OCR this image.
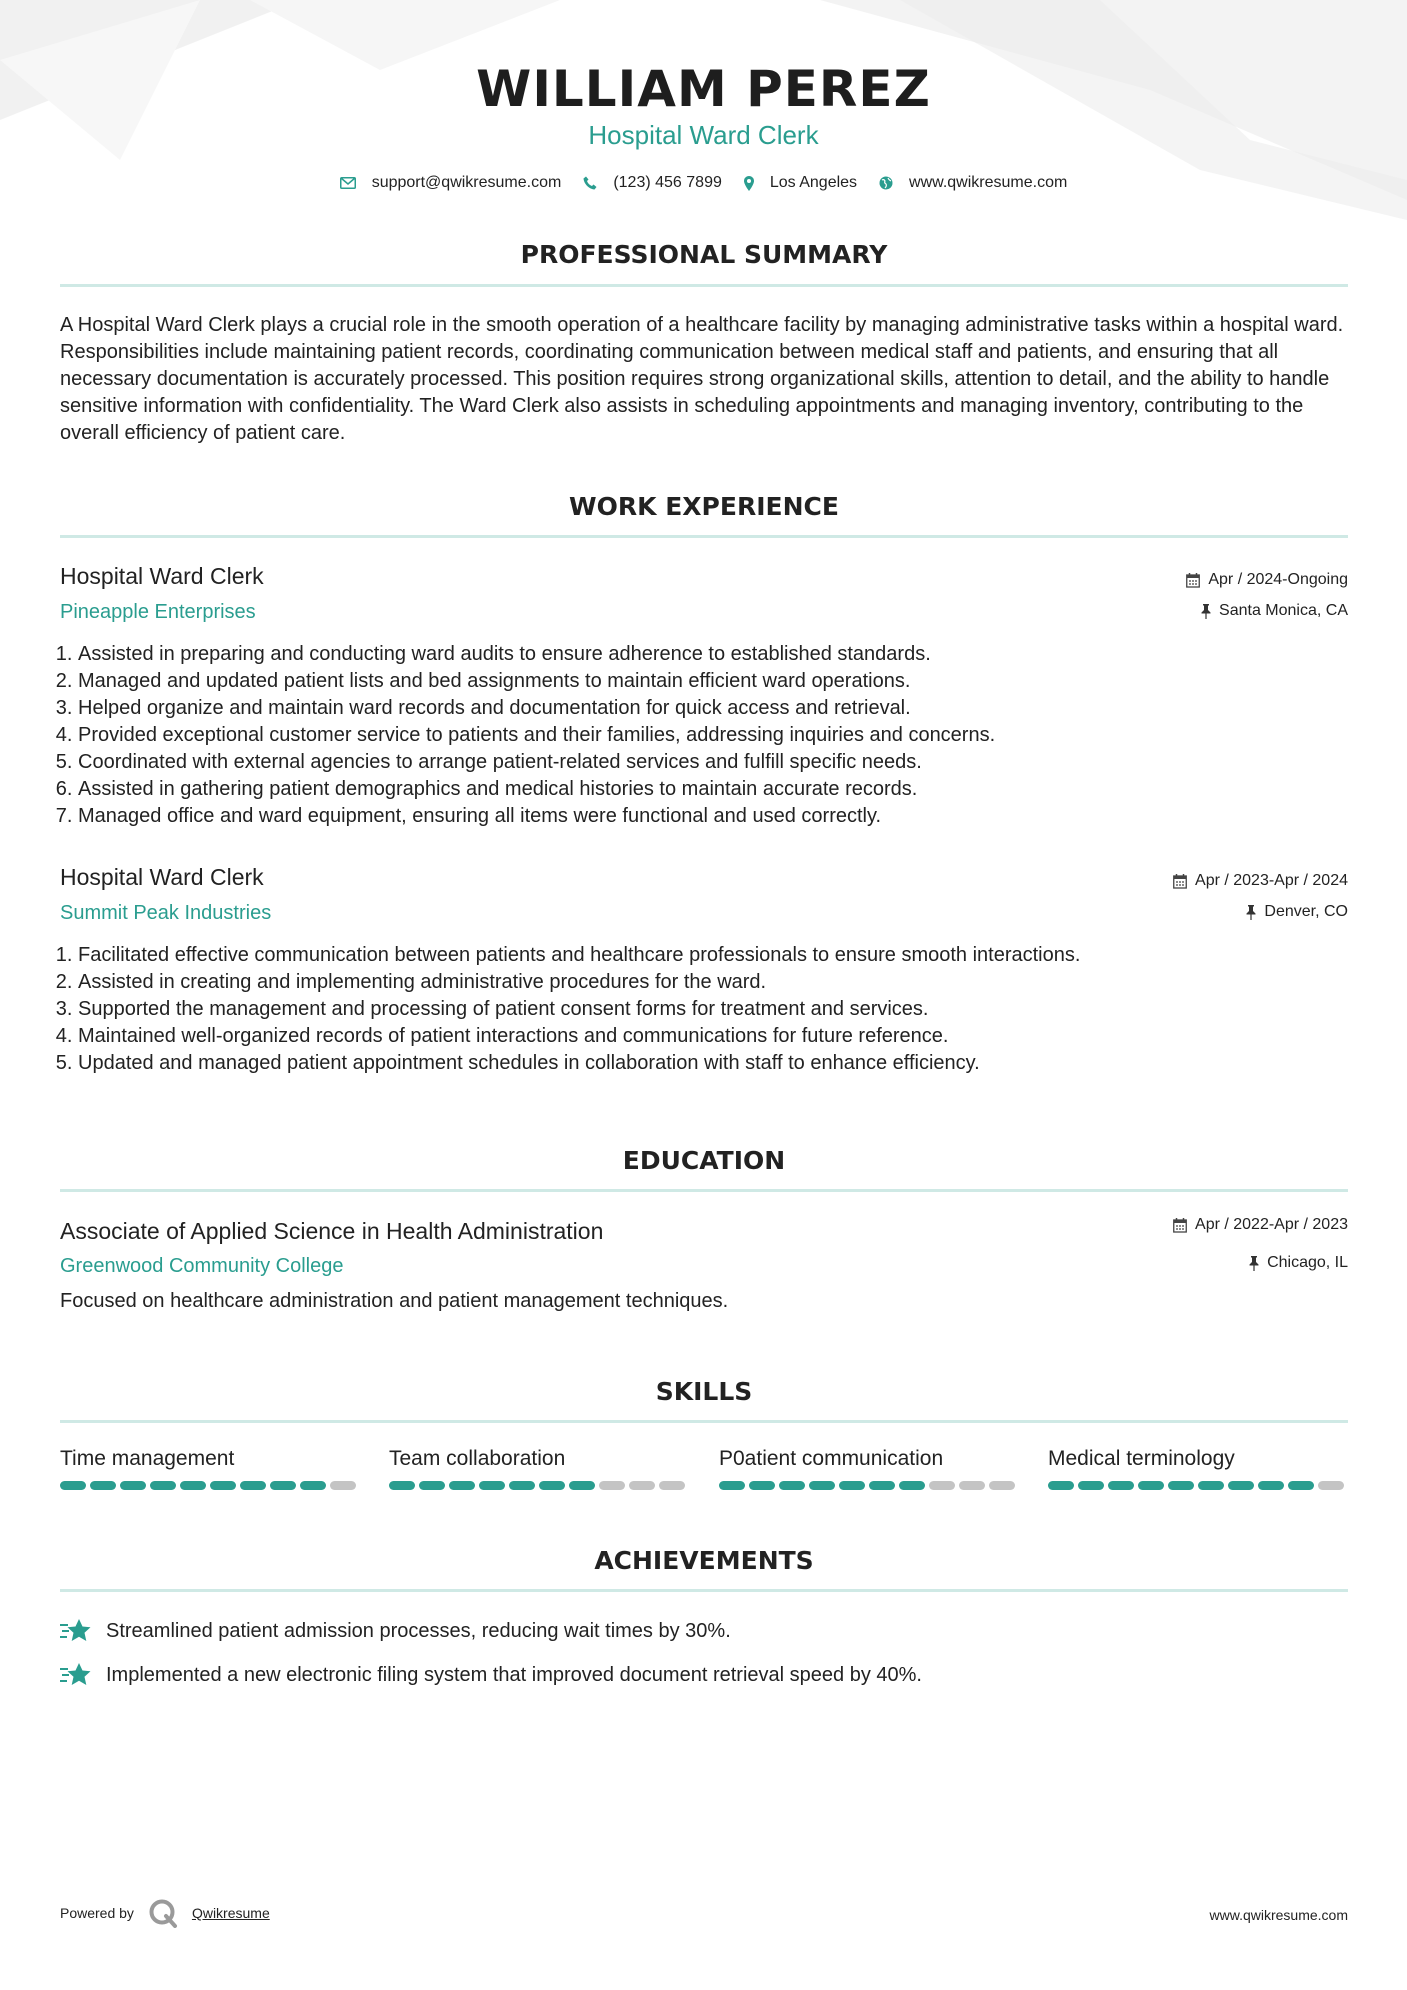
WILLIAM PEREZ
Hospital Ward Clerk
support@qwikresume.com	(123) 456 7899	Los Angeles	www.qwikresume.com
PROFESSIONAL SUMMARY
A Hospital Ward Clerk plays a crucial role in the smooth operation of a healthcare facility by managing administrative tasks within a hospital ward. Responsibilities include maintaining patient records, coordinating communication between medical staff and patients, and ensuring that all necessary documentation is accurately processed. This position requires strong organizational skills, attention to detail, and the ability to handle sensitive information with confidentiality. The Ward Clerk also assists in scheduling appointments and managing inventory, contributing to the overall efficiency of patient care.
WORK EXPERIENCE
Hospital Ward Clerk
Pineapple Enterprises
Apr / 2024-Ongoing
Santa Monica, CA
1. Assisted in preparing and conducting ward audits to ensure adherence to established standards.
2. Managed and updated patient lists and bed assignments to maintain efficient ward operations.
3. Helped organize and maintain ward records and documentation for quick access and retrieval.
4. Provided exceptional customer service to patients and their families, addressing inquiries and concerns.
5. Coordinated with external agencies to arrange patient-related services and fulfill specific needs.
6. Assisted in gathering patient demographics and medical histories to maintain accurate records.
7. Managed office and ward equipment, ensuring all items were functional and used correctly.
Hospital Ward Clerk
Summit Peak Industries
Apr / 2023-Apr / 2024
Denver, CO
1. Facilitated effective communication between patients and healthcare professionals to ensure smooth interactions.
2. Assisted in creating and implementing administrative procedures for the ward.
3. Supported the management and processing of patient consent forms for treatment and services.
4. Maintained well-organized records of patient interactions and communications for future reference.
5. Updated and managed patient appointment schedules in collaboration with staff to enhance efficiency.
EDUCATION
Associate of Applied Science in Health Administration
Greenwood Community College
Apr / 2022-Apr / 2023
Chicago, IL
Focused on healthcare administration and patient management techniques.
SKILLS
Time management	Team collaboration	P0atient communication	Medical terminology
ACHIEVEMENTS
Streamlined patient admission processes, reducing wait times by 30%.
Implemented a new electronic filing system that improved document retrieval speed by 40%.
Powered by	Qwikresume	www.qwikresume.com
